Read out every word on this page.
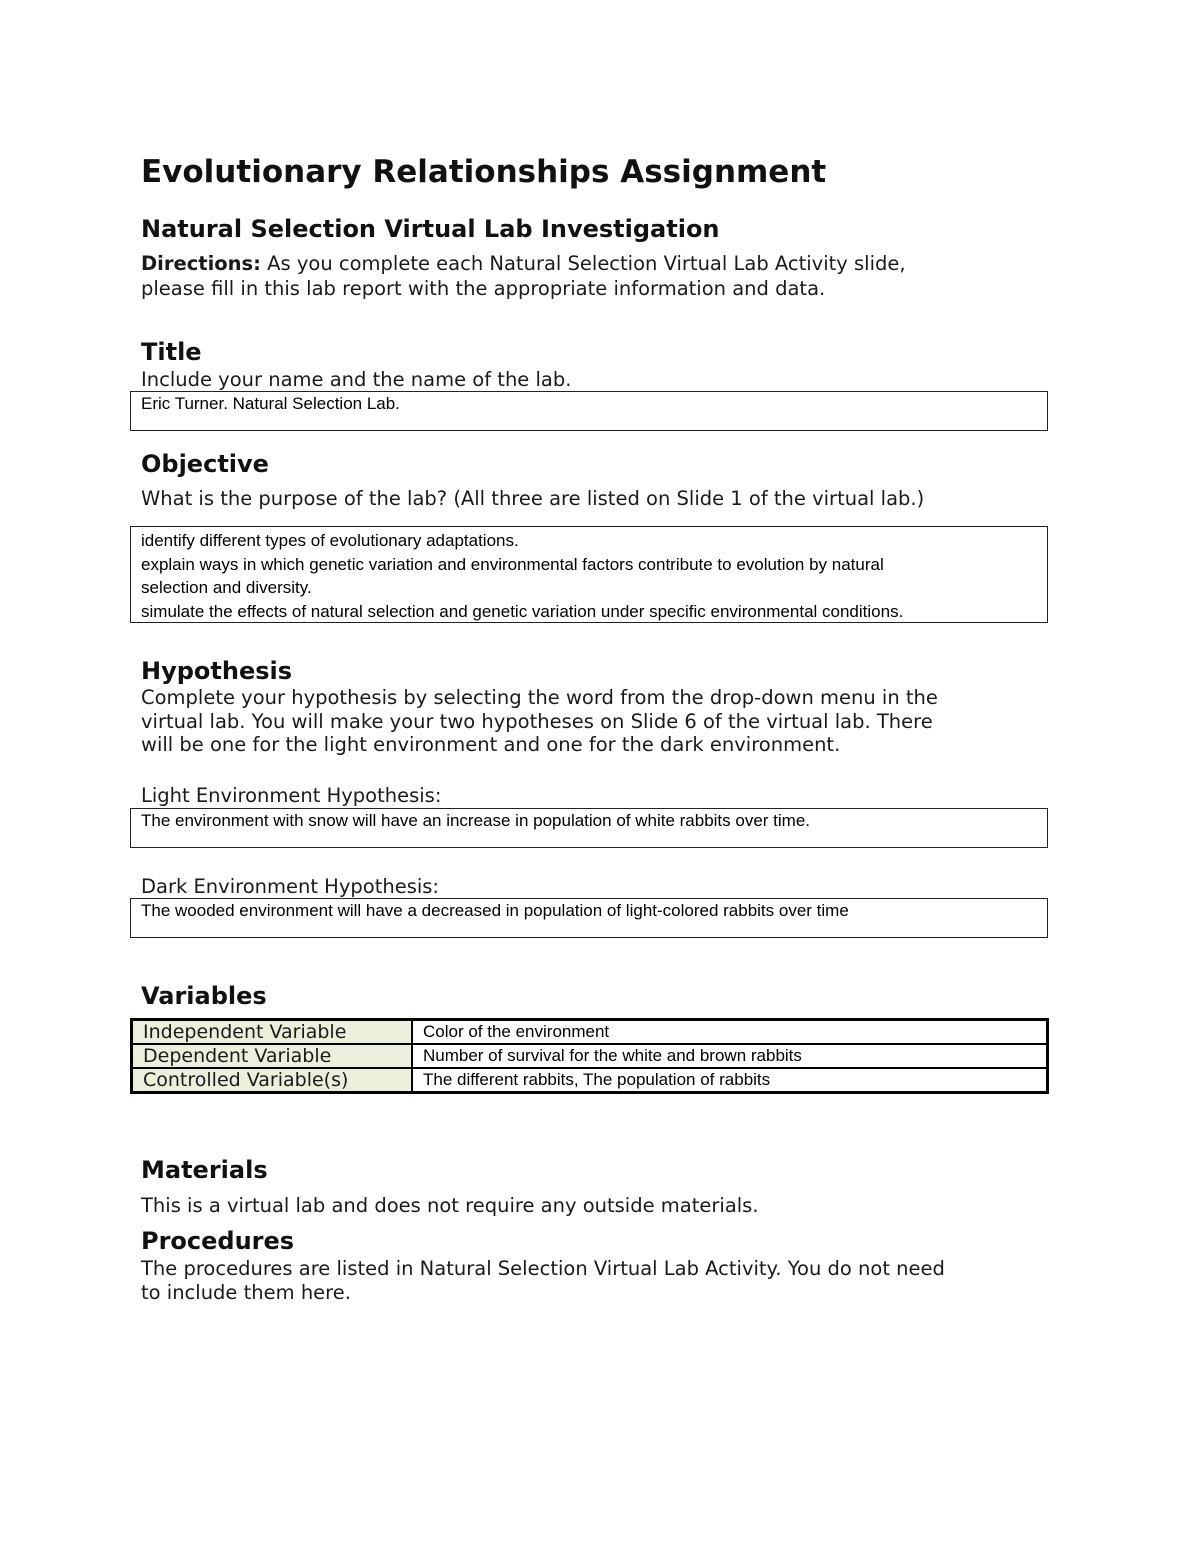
Evolutionary Relationships Assignment
Natural Selection Virtual Lab Investigation
Directions: As you complete each Natural Selection Virtual Lab Activity slide,
please fill in this lab report with the appropriate information and data.
Title
Include your name and the name of the lab.
Eric Turner. Natural Selection Lab.
Objective
What is the purpose of the lab? (All three are listed on Slide 1 of the virtual lab.)
identify different types of evolutionary adaptations.
explain ways in which genetic variation and environmental factors contribute to evolution by natural
selection and diversity.
simulate the effects of natural selection and genetic variation under specific environmental conditions.
Hypothesis
Complete your hypothesis by selecting the word from the drop-down menu in the
virtual lab. You will make your two hypotheses on Slide 6 of the virtual lab. There
will be one for the light environment and one for the dark environment.
Light Environment Hypothesis:
The environment with snow will have an increase in population of white rabbits over time.
Dark Environment Hypothesis:
The wooded environment will have a decreased in population of light-colored rabbits over time
Variables
Independent Variable	Color of the environment
Dependent Variable	Number of survival for the white and brown rabbits
Controlled Variable(s)	The different rabbits, The population of rabbits
Materials
This is a virtual lab and does not require any outside materials.
Procedures
The procedures are listed in Natural Selection Virtual Lab Activity. You do not need
to include them here.
